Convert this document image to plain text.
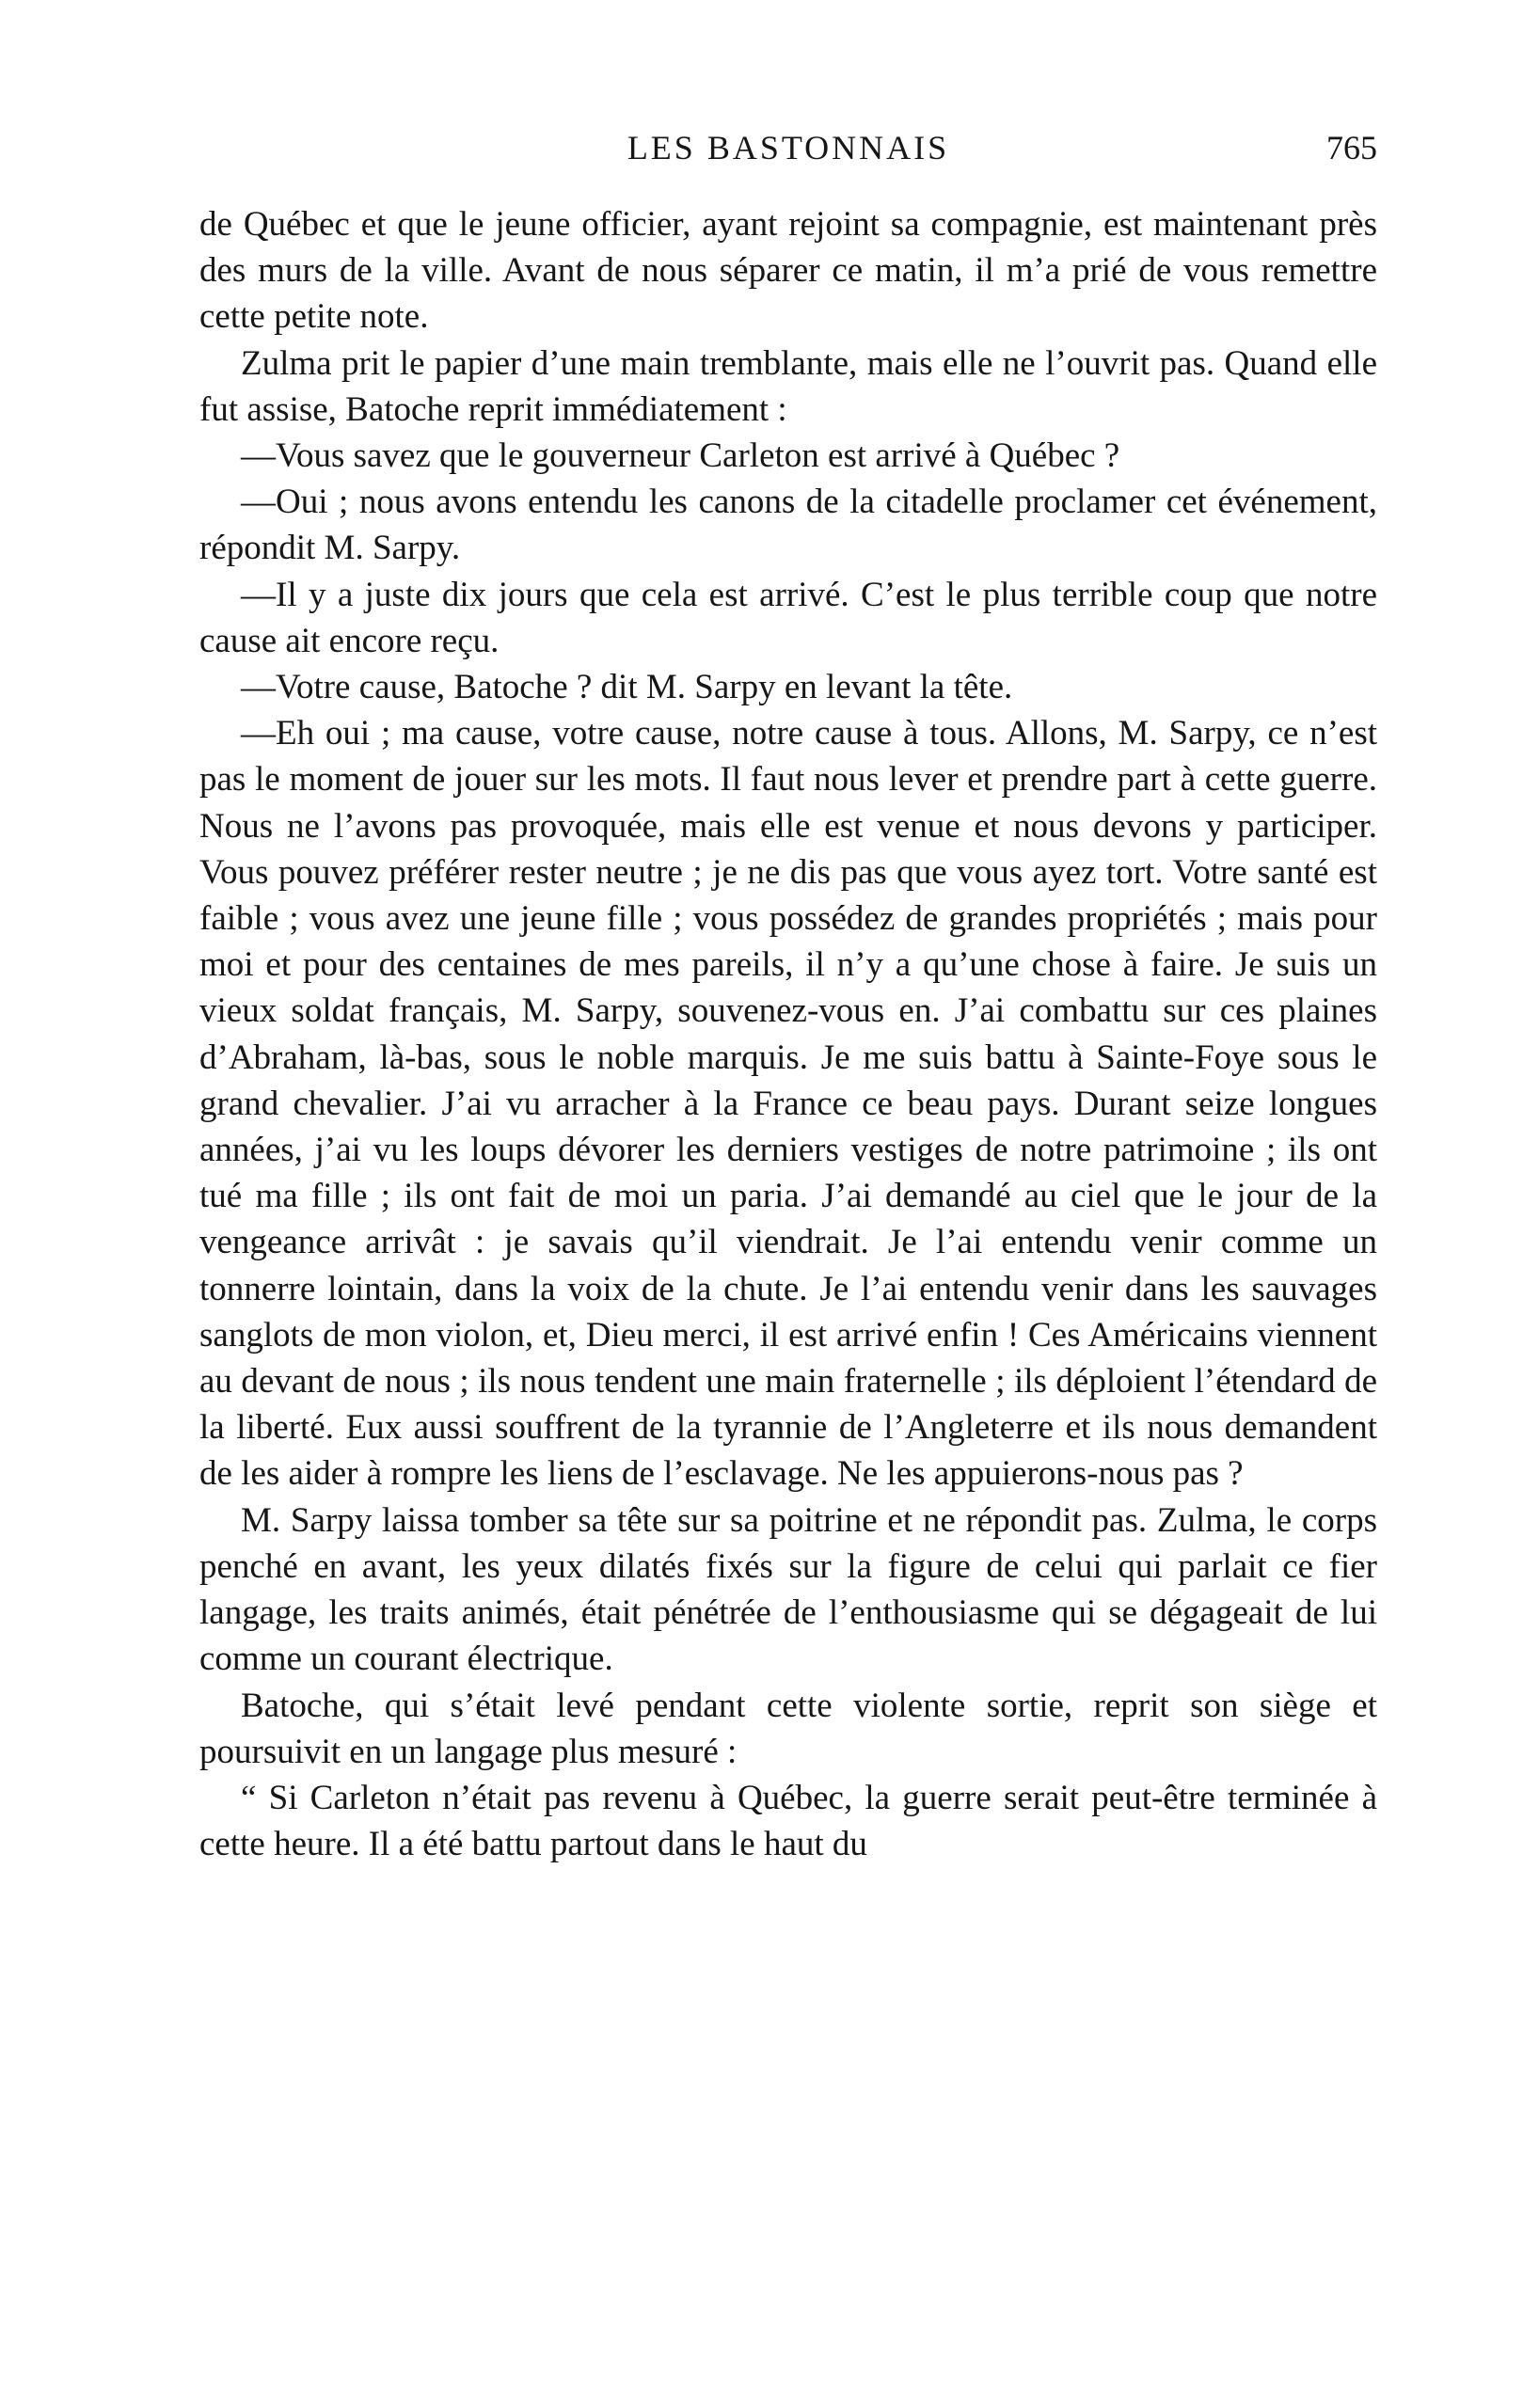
LES BASTONNAIS	765

de Québec et que le jeune officier, ayant rejoint sa compagnie, est maintenant près des murs de la ville. Avant de nous séparer ce matin, il m’a prié de vous remettre cette petite note.

Zulma prit le papier d’une main tremblante, mais elle ne l’ouvrit pas. Quand elle fut assise, Batoche reprit immédiatement :

—Vous savez que le gouverneur Carleton est arrivé à Québec ?

—Oui ; nous avons entendu les canons de la citadelle proclamer cet événement, répondit M. Sarpy.

—Il y a juste dix jours que cela est arrivé. C’est le plus terrible coup que notre cause ait encore reçu.

—Votre cause, Batoche ? dit M. Sarpy en levant la tête.

—Eh oui ; ma cause, votre cause, notre cause à tous. Allons, M. Sarpy, ce n’est pas le moment de jouer sur les mots. Il faut nous lever et prendre part à cette guerre. Nous ne l’avons pas provoquée, mais elle est venue et nous devons y participer. Vous pouvez préférer rester neutre ; je ne dis pas que vous ayez tort. Votre santé est faible ; vous avez une jeune fille ; vous possédez de grandes propriétés ; mais pour moi et pour des centaines de mes pareils, il n’y a qu’une chose à faire. Je suis un vieux soldat français, M. Sarpy, souvenez-vous en. J’ai combattu sur ces plaines d’Abraham, là-bas, sous le noble marquis. Je me suis battu à Sainte-Foye sous le grand chevalier. J’ai vu arracher à la France ce beau pays. Durant seize longues années, j’ai vu les loups dévorer les derniers vestiges de notre patrimoine ; ils ont tué ma fille ; ils ont fait de moi un paria. J’ai demandé au ciel que le jour de la vengeance arrivât : je savais qu’il viendrait. Je l’ai entendu venir comme un tonnerre lointain, dans la voix de la chute. Je l’ai entendu venir dans les sauvages sanglots de mon violon, et, Dieu merci, il est arrivé enfin ! Ces Américains viennent au devant de nous ; ils nous tendent une main fraternelle ; ils déploient l’étendard de la liberté. Eux aussi souffrent de la tyrannie de l’Angleterre et ils nous demandent de les aider à rompre les liens de l’esclavage. Ne les appuierons-nous pas ?

M. Sarpy laissa tomber sa tête sur sa poitrine et ne répondit pas. Zulma, le corps penché en avant, les yeux dilatés fixés sur la figure de celui qui parlait ce fier langage, les traits animés, était pénétrée de l’enthousiasme qui se dégageait de lui comme un courant électrique.

Batoche, qui s’était levé pendant cette violente sortie, reprit son siège et poursuivit en un langage plus mesuré :

“ Si Carleton n’était pas revenu à Québec, la guerre serait peut-être terminée à cette heure. Il a été battu partout dans le haut du
